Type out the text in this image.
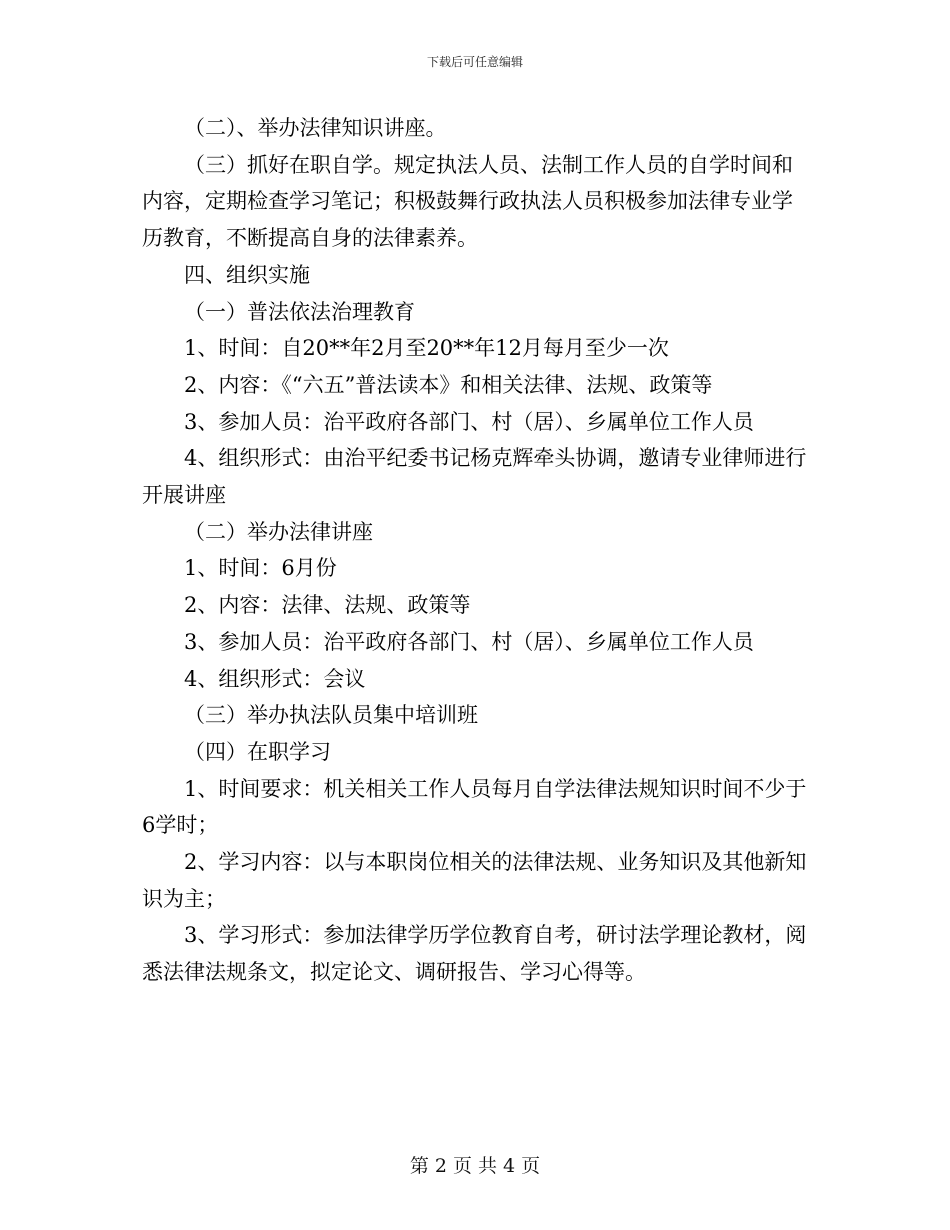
下载后可任意编辑

（二）、举办法律知识讲座。

（三）抓好在职自学。规定执法人员、法制工作人员的自学时间和内容，定期检查学习笔记；积极鼓舞行政执法人员积极参加法律专业学历教育，不断提高自身的法律素养。

四、组织实施

（一）普法依法治理教育

1、时间：自20**年2月至20**年12月每月至少一次

2、内容：《“六五”普法读本》和相关法律、法规、政策等

3、参加人员：治平政府各部门、村（居）、乡属单位工作人员

4、组织形式：由治平纪委书记杨克辉牵头协调，邀请专业律师进行开展讲座

（二）举办法律讲座

1、时间：6月份

2、内容：法律、法规、政策等

3、参加人员：治平政府各部门、村（居）、乡属单位工作人员

4、组织形式：会议

（三）举办执法队员集中培训班

（四）在职学习

1、时间要求：机关相关工作人员每月自学法律法规知识时间不少于6学时；

2、学习内容：以与本职岗位相关的法律法规、业务知识及其他新知识为主；

3、学习形式：参加法律学历学位教育自考，研讨法学理论教材，阅悉法律法规条文，拟定论文、调研报告、学习心得等。

第 2 页 共 4 页
